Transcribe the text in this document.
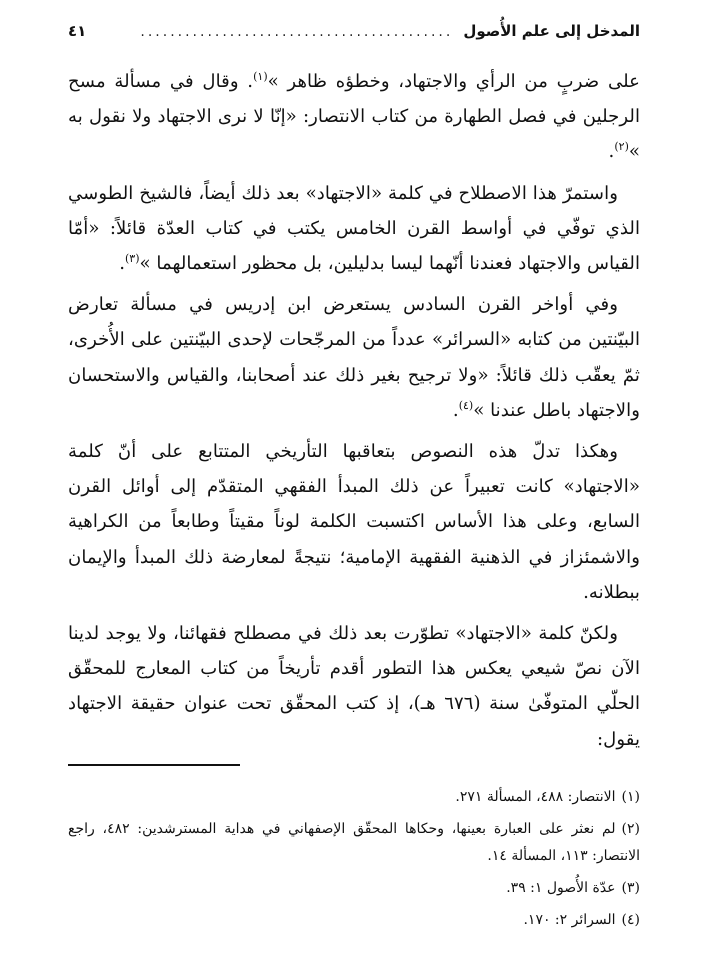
المدخل إلى علم الأُصول
..........................................
٤١

على ضربٍ من الرأي والاجتهاد، وخطؤه ظاهر »$^{(١)}$. وقال في مسألة مسح الرجلين في فصل الطهارة من كتاب الانتصار: «إنّا لا نرى الاجتهاد ولا نقول به »$^{(٢)}$.

واستمرّ هذا الاصطلاح في كلمة «الاجتهاد» بعد ذلك أيضاً، فالشيخ الطوسي الذي توفّي في أواسط القرن الخامس يكتب في كتاب العدّة قائلاً: «أمّا القياس والاجتهاد فعندنا أنّهما ليسا بدليلين، بل محظور استعمالهما »$^{(٣)}$.

وفي أواخر القرن السادس يستعرض ابن إدريس في مسألة تعارض البيّنتين من كتابه «السرائر» عدداً من المرجّحات لإحدى البيّنتين على الأُخرى، ثمّ يعقّب ذلك قائلاً: «ولا ترجيح بغير ذلك عند أصحابنا، والقياس والاستحسان والاجتهاد باطل عندنا »$^{(٤)}$.

وهكذا تدلّ هذه النصوص بتعاقبها التأريخي المتتابع على أنّ كلمة «الاجتهاد» كانت تعبيراً عن ذلك المبدأ الفقهي المتقدّم إلى أوائل القرن السابع، وعلى هذا الأساس اكتسبت الكلمة لوناً مقيتاً وطابعاً من الكراهية والاشمئزاز في الذهنية الفقهية الإمامية؛ نتيجةً لمعارضة ذلك المبدأ والإيمان ببطلانه.

ولكنّ كلمة «الاجتهاد» تطوّرت بعد ذلك في مصطلح فقهائنا، ولا يوجد لدينا الآن نصّ شيعي يعكس هذا التطور أقدم تأريخاً من كتاب المعارج للمحقّق الحلّي المتوفّىٰ سنة (٦٧٦ هـ)، إذ كتب المحقّق تحت عنوان حقيقة الاجتهاد يقول:

(١)الانتصار: ٤٨٨، المسألة ٢٧١.
(٢)لم نعثر على العبارة بعينها، وحكاها المحقّق الإصفهاني في هداية المسترشدين: ٤٨٢، راجع الانتصار: ١١٣، المسألة ١٤.
(٣)عدّة الأُصول ١: ٣٩.
(٤)السرائر ٢: ١٧٠.
